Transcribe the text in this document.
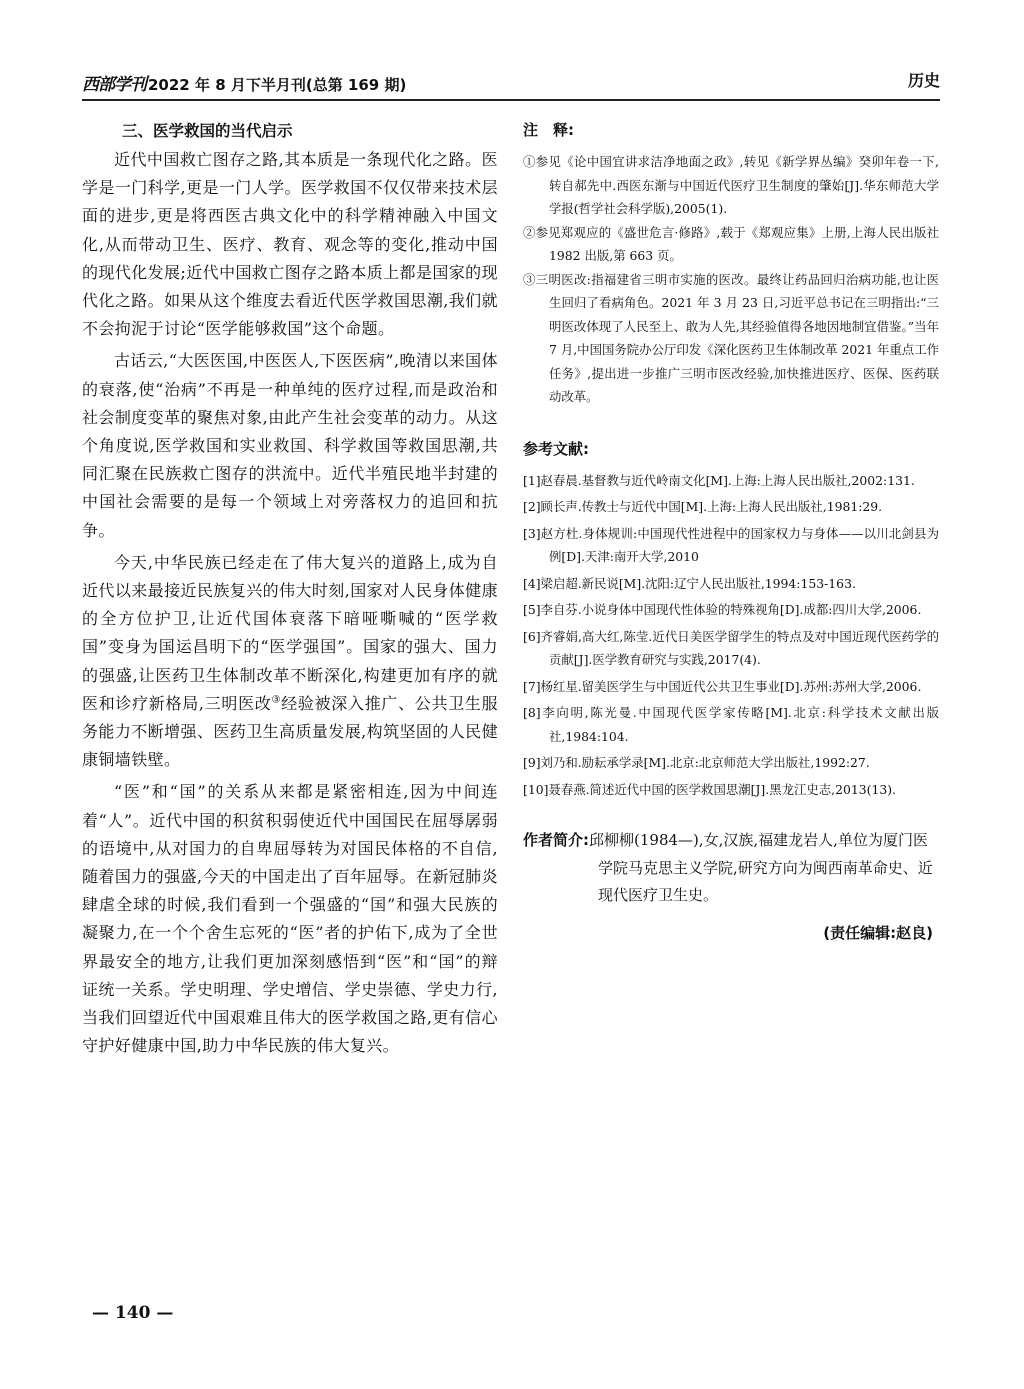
西部学刊 2022 年 8 月下半月刊(总第 169 期)	历史

三、医学救国的当代启示

近代中国救亡图存之路,其本质是一条现代化之路。医学是一门科学,更是一门人学。医学救国不仅仅带来技术层面的进步,更是将西医古典文化中的科学精神融入中国文化,从而带动卫生、医疗、教育、观念等的变化,推动中国的现代化发展;近代中国救亡图存之路本质上都是国家的现代化之路。如果从这个维度去看近代医学救国思潮,我们就不会拘泥于讨论“医学能够救国”这个命题。

古话云,“大医医国,中医医人,下医医病”,晚清以来国体的衰落,使“治病”不再是一种单纯的医疗过程,而是政治和社会制度变革的聚焦对象,由此产生社会变革的动力。从这个角度说,医学救国和实业救国、科学救国等救国思潮,共同汇聚在民族救亡图存的洪流中。近代半殖民地半封建的中国社会需要的是每一个领域上对旁落权力的追回和抗争。

今天,中华民族已经走在了伟大复兴的道路上,成为自近代以来最接近民族复兴的伟大时刻,国家对人民身体健康的全方位护卫,让近代国体衰落下暗哑嘶喊的“医学救国”变身为国运昌明下的“医学强国”。国家的强大、国力的强盛,让医药卫生体制改革不断深化,构建更加有序的就医和诊疗新格局,三明医改③经验被深入推广、公共卫生服务能力不断增强、医药卫生高质量发展,构筑坚固的人民健康铜墙铁壁。

“医”和“国”的关系从来都是紧密相连,因为中间连着“人”。近代中国的积贫积弱使近代中国国民在屈辱孱弱的语境中,从对国力的自卑屈辱转为对国民体格的不自信,随着国力的强盛,今天的中国走出了百年屈辱。在新冠肺炎肆虐全球的时候,我们看到一个强盛的“国”和强大民族的凝聚力,在一个个舍生忘死的“医”者的护佑下,成为了全世界最安全的地方,让我们更加深刻感悟到“医”和“国”的辩证统一关系。学史明理、学史增信、学史崇德、学史力行,当我们回望近代中国艰难且伟大的医学救国之路,更有信心守护好健康中国,助力中华民族的伟大复兴。

注　释:

①参见《论中国宜讲求洁净地面之政》,转见《新学界丛编》癸卯年卷一下,转自郝先中.西医东渐与中国近代医疗卫生制度的肇始[J].华东师范大学学报(哲学社会科学版),2005(1).

②参见郑观应的《盛世危言·修路》,载于《郑观应集》上册,上海人民出版社 1982 出版,第 663 页。

③三明医改:指福建省三明市实施的医改。最终让药品回归治病功能,也让医生回归了看病角色。2021 年 3 月 23 日,习近平总书记在三明指出:“三明医改体现了人民至上、敢为人先,其经验值得各地因地制宜借鉴。”当年 7 月,中国国务院办公厅印发《深化医药卫生体制改革 2021 年重点工作任务》,提出进一步推广三明市医改经验,加快推进医疗、医保、医药联动改革。

参考文献:

[1]赵春晨.基督教与近代岭南文化[M].上海:上海人民出版社,2002:131.

[2]顾长声.传教士与近代中国[M].上海:上海人民出版社,1981:29.

[3]赵方杜.身体规训:中国现代性进程中的国家权力与身体——以川北剑县为例[D].天津:南开大学,2010

[4]梁启超.新民说[M].沈阳:辽宁人民出版社,1994:153-163.

[5]李自芬.小说身体中国现代性体验的特殊视角[D].成都:四川大学,2006.

[6]齐睿娟,高大红,陈莹.近代日美医学留学生的特点及对中国近现代医药学的贡献[J].医学教育研究与实践,2017(4).

[7]杨红星.留美医学生与中国近代公共卫生事业[D].苏州:苏州大学,2006.

[8]李向明,陈光曼.中国现代医学家传略[M].北京:科学技术文献出版社,1984:104.

[9]刘乃和.励耘承学录[M].北京:北京师范大学出版社,1992:27.

[10]聂春燕.简述近代中国的医学救国思潮[J].黑龙江史志,2013(13).

作者简介:邱柳柳(1984—),女,汉族,福建龙岩人,单位为厦门医学院马克思主义学院,研究方向为闽西南革命史、近现代医疗卫生史。
(责任编辑:赵良)
— 140 —
